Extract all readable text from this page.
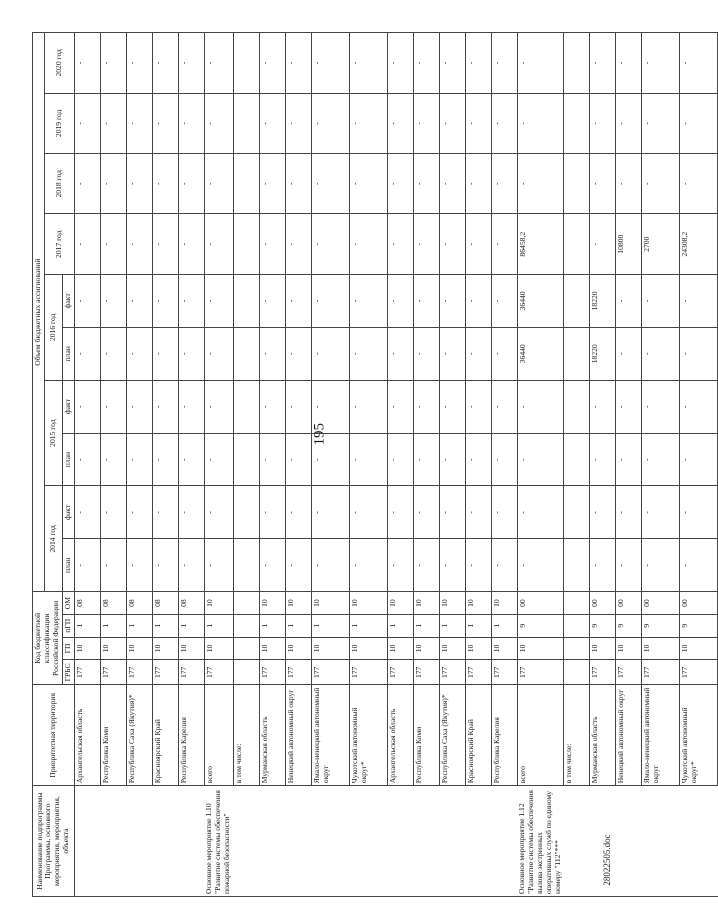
195
Наименование подпрограммы Программы, основного мероприятия, мероприятия, объекта	Приоритетная территория	Код бюджетной классификации Российской Федерации				Объем бюджетных ассигнований									
						2014 год		2015 год		2016 год		2017 год	2018 год	2019 год	2020 год
		ГРБС	ГП	пГП	ОМ	план	факт	план	факт	план	факт				
	Архангельская область	177	10	1	08	-	-	-	-	-	-	-	-	-	-
	Республика Коми	177	10	1	08	-	-	-	-	-	-	-	-	-	-
	Республика Саха (Якутия)*	177	10	1	08	-	-	-	-	-	-	-	-	-	-
	Красноярский Край	177	10	1	08	-	-	-	-	-	-	-	-	-	-
	Республика Карелия	177	10	1	08	-	-	-	-	-	-	-	-	-	-
Основное мероприятие 1.10 "Развитие системы обеспечения пожарной безопасности"	всего	177	10	1	10	-	-	-	-	-	-	-	-	-	-
	в том числе:														
	Мурманская область	177	10	1	10	-	-	-	-	-	-	-	-	-	-
	Ненецкий автономный округ	177	10	1	10	-	-	-	-	-	-	-	-	-	-
	Ямало-ненецкий автономный округ	177	10	1	10	-	-	-	-	-	-	-	-	-	-
	Чукотский автономный округ*	177	10	1	10	-	-	-	-	-	-	-	-	-	-
	Архангельская область	177	10	1	10	-	-	-	-	-	-	-	-	-	-
	Республика Коми	177	10	1	10	-	-	-	-	-	-	-	-	-	-
	Республика Саха (Якутия)*	177	10	1	10	-	-	-	-	-	-	-	-	-	-
	Красноярский Край	177	10	1	10	-	-	-	-	-	-	-	-	-	-
	Республика Карелия	177	10	1	10	-	-	-	-	-	-	-	-	-	-
Основное мероприятие 1.12 "Развитие системы обеспечения вызова экстренных оперативных служб по единому номеру "112"***	всего	177	10	9	00	-	-	-	-	36440	36440	86458,2	-	-	-
	в том числе:														
	Мурманская область	177	10	9	00	-	-	-	-	18220	18220	-	-	-	-
	Ненецкий автономный округ	177	10	9	00	-	-	-	-	-	-	10800	-	-	-
	Ямало-ненецкий автономный округ	177	10	9	00	-	-	-	-	-	-	2700	-	-	-
	Чукотский автономный округ*	177	10	9	00	-	-	-	-	-	-	24308,2	-	-	-
28022505.doc
